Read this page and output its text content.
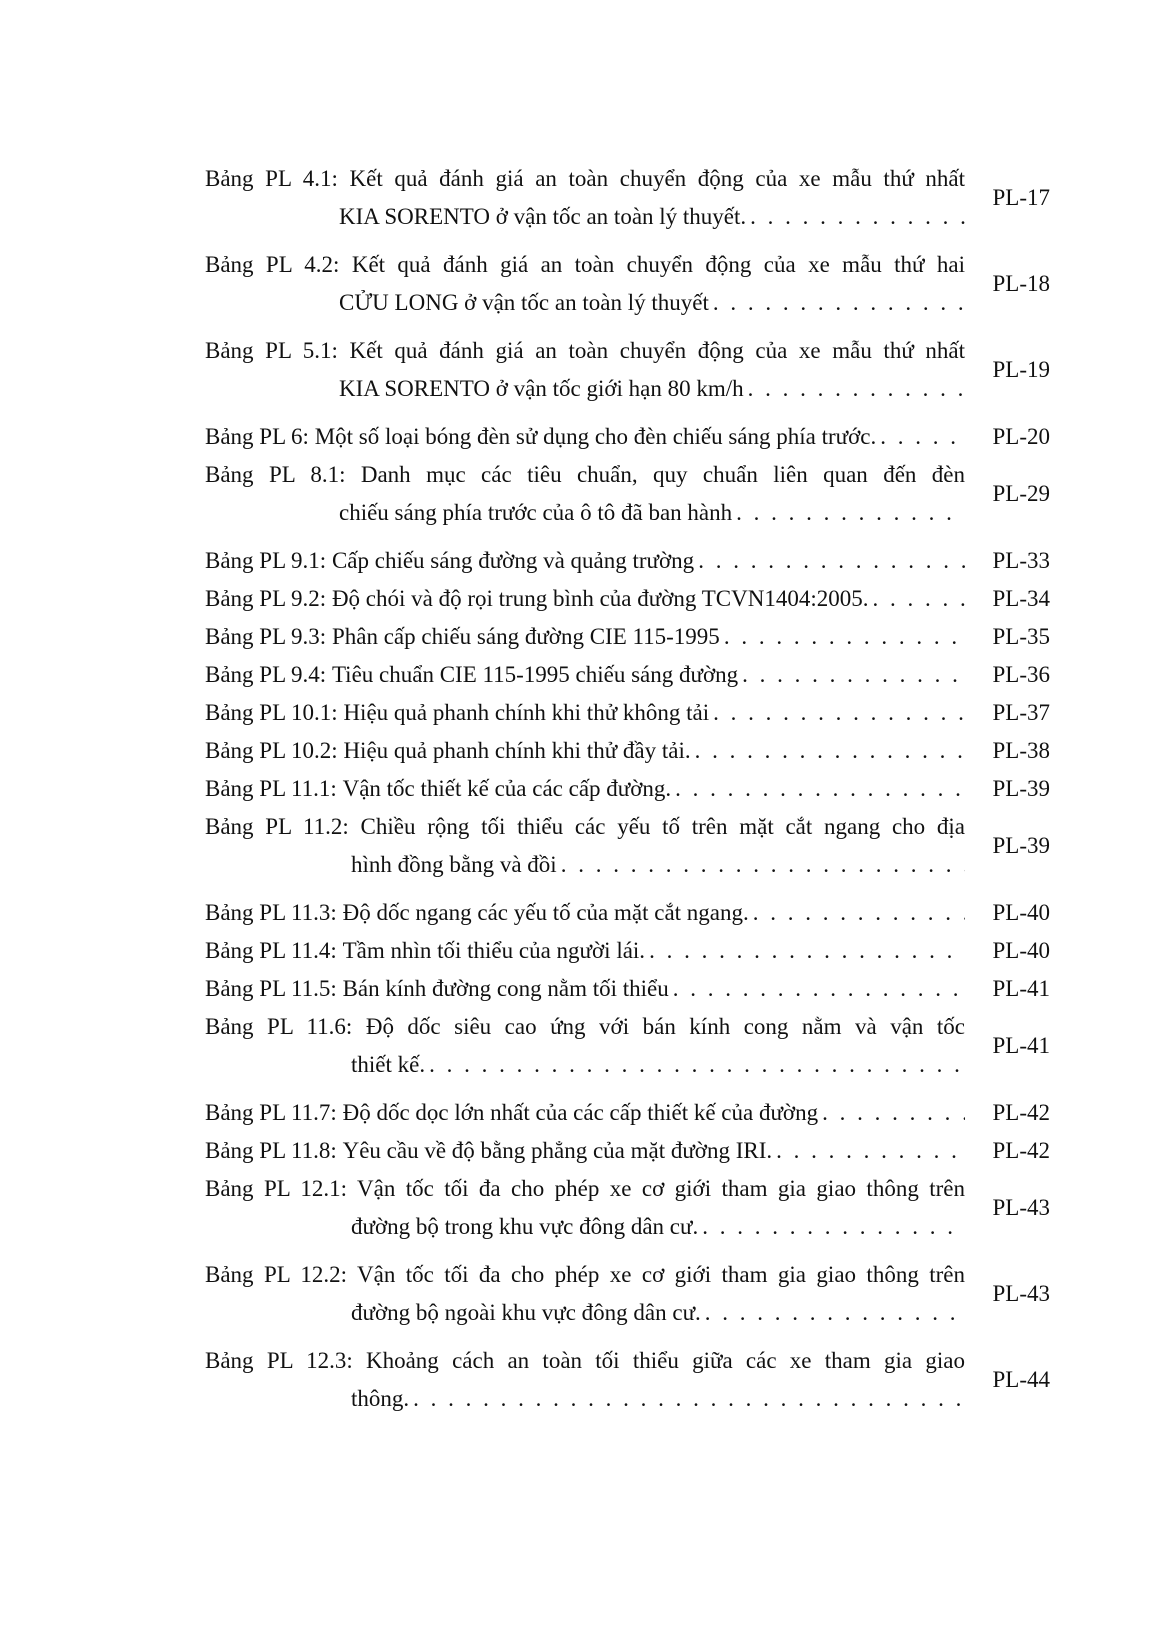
Bảng PL 4.1: Kết quả đánh giá an toàn chuyển động của xe mẫu thứ nhất
KIA SORENTO ở vận tốc an toàn lý thuyết.
. . .
PL-17
Bảng PL 4.2: Kết quả đánh giá an toàn chuyển động của xe mẫu thứ hai
CỬU LONG ở vận tốc an toàn lý thuyết
. . .
PL-18
Bảng PL 5.1: Kết quả đánh giá an toàn chuyển động của xe mẫu thứ nhất
KIA SORENTO ở vận tốc giới hạn 80 km/h
. . .
PL-19
Bảng PL 6:
Một số loại bóng đèn sử dụng cho đèn chiếu sáng phía trước. . . .	PL-20
Bảng PL 8.1: Danh mục các tiêu chuẩn, quy chuẩn liên quan đến đèn
chiếu sáng phía trước của ô tô đã ban hành
. . .
PL-29
Bảng PL 9.1:
Cấp chiếu sáng đường và quảng trường . . .	PL-33
Bảng PL 9.2:
Độ chói và độ rọi trung bình của đường TCVN1404:2005. . . .	PL-34
Bảng PL 9.3:
Phân cấp chiếu sáng đường CIE 115-1995 . . .	PL-35
Bảng PL 9.4:
Tiêu chuẩn CIE 115-1995 chiếu sáng đường . . .	PL-36
Bảng PL 10.1:
Hiệu quả phanh chính khi thử không tải . . .	PL-37
Bảng PL 10.2:
Hiệu quả phanh chính khi thử đầy tải. . . .	PL-38
Bảng PL 11.1:
Vận tốc thiết kế của các cấp đường. . . .	PL-39
Bảng PL 11.2: Chiều rộng tối thiểu các yếu tố trên mặt cắt ngang cho địa
hình đồng bằng và đồi
. . .
PL-39
Bảng PL 11.3:
Độ dốc ngang các yếu tố của mặt cắt ngang. . . .	PL-40
Bảng PL 11.4:
Tầm nhìn tối thiểu của người lái. . . .	PL-40
Bảng PL 11.5:
Bán kính đường cong nằm tối thiểu . . .	PL-41
Bảng PL 11.6: Độ dốc siêu cao ứng với bán kính cong nằm và vận tốc
thiết kế.
. . .
PL-41
Bảng PL 11.7:
Độ dốc dọc lớn nhất của các cấp thiết kế của đường . . .	PL-42
Bảng PL 11.8:
Yêu cầu về độ bằng phẳng của mặt đường IRI. . . .	PL-42
Bảng PL 12.1: Vận tốc tối đa cho phép xe cơ giới tham gia giao thông trên
đường bộ trong khu vực đông dân cư.
. . .
PL-43
Bảng PL 12.2: Vận tốc tối đa cho phép xe cơ giới tham gia giao thông trên
đường bộ ngoài khu vực đông dân cư.
. . .
PL-43
Bảng PL 12.3: Khoảng cách an toàn tối thiểu giữa các xe tham gia giao
thông.
. . .
PL-44
